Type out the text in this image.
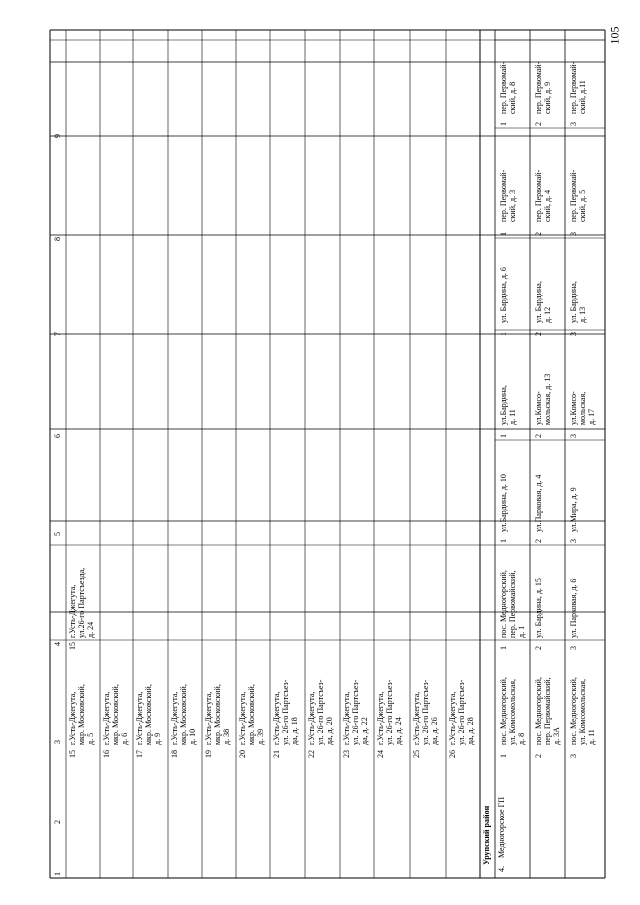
105
1
2
3
4
5
6
7
8
9
15
г.Усть-Джегута,
мкр. Московский,
д. 5
16
г.Усть-Джегута,
мкр. Московский,
д. 6
17
г.Усть-Джегута,
мкр. Московский,
д. 9
18
г.Усть-Джегута,
мкр. Московский,
д. 10
19
г.Усть-Джегута,
мкр. Московский,
д. 38
20
г.Усть-Джегута,
мкр. Московский,
д. 39
21
г.Усть-Джегута,
ул. 26-го Партсъез-
да, д. 18
22
г.Усть-Джегута,
ул. 26-го Партсъез-
да, д. 20
23
г.Усть-Джегута,
ул. 26-го Партсъез-
да, д. 22
24
г.Усть-Джегута,
ул. 26-го Партсъез-
да, д. 24
25
г.Усть-Джегута,
ул. 26-го Партсъез-
да, д. 26
26
г.Усть-Джегута,
ул. 26-го Партсъез-
да, д. 28
15
г.Усть-Джегута,
ул.26-го Партсъезда,
д. 24
Урупский район
4.
Медногорское ГП
1
пос. Медногорский,
ул. Комсомольская,
д. 8
2
пос. Медногорский,
пер. Первомайский,
д. 3А
3
пос. Медногорский,
ул. Комсомольская,
д. 11
1
пос. Медногорский,
пер. Первомайский,
д. 1
2
ул. Бардина, д. 15
3
ул. Парковая, д. 6
1
ул.Бардина, д. 10
2
ул.Парковая, д. 4
3
ул.Мира, д. 9
1
ул.Бардина,
д. 11
2
ул.Комсо-
мольская, д. 13
3
ул.Комсо-
мольская,
д. 17
1
ул. Бардина, д. 6
2
ул. Бардина,
д. 12
3
ул. Бардина,
д. 13
1
пер. Первомай-
ский, д. 3
2
пер. Первомай-
ский, д. 4
3
пер. Первомай-
ский, д. 5
1
пер. Первомай-
ский, д. 8
2
пер. Первомай-
ский, д. 9
3
пер. Первомай-
ский, д.11
